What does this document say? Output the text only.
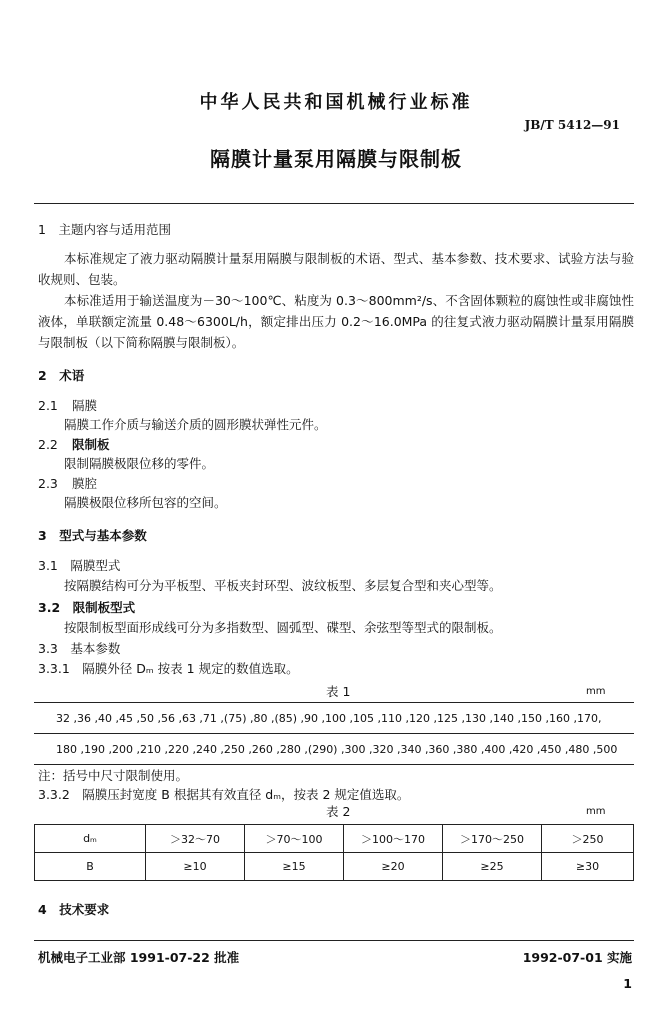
中华人民共和国机械行业标准
JB/T 5412—91
隔膜计量泵用隔膜与限制板
1　主题内容与适用范围
本标准规定了液力驱动隔膜计量泵用隔膜与限制板的术语、型式、基本参数、技术要求、试验方法与验收规则、包装。
本标准适用于输送温度为－30～100℃、粘度为 0.3～800mm²/s、不含固体颗粒的腐蚀性或非腐蚀性液体，单联额定流量 0.48～6300L/h，额定排出压力 0.2～16.0MPa 的往复式液力驱动隔膜计量泵用隔膜与限制板（以下简称隔膜与限制板）。
2　术语
2.1 隔膜
隔膜工作介质与输送介质的圆形膜状弹性元件。
2.2 限制板
限制隔膜极限位移的零件。
2.3 膜腔
隔膜极限位移所包容的空间。
3　型式与基本参数
3.1　隔膜型式
按隔膜结构可分为平板型、平板夹封环型、波纹板型、多层复合型和夹心型等。
3.2　限制板型式
按限制板型面形成线可分为多指数型、圆弧型、碟型、余弦型等型式的限制板。
3.3　基本参数
3.3.1　隔膜外径 Dₘ 按表 1 规定的数值选取。
表 1	mm
32 ,36 ,40 ,45 ,50 ,56 ,63 ,71 ,(75) ,80 ,(85) ,90 ,100 ,105 ,110 ,120 ,125 ,130 ,140 ,150 ,160 ,170,
180 ,190 ,200 ,210 ,220 ,240 ,250 ,260 ,280 ,(290) ,300 ,320 ,340 ,360 ,380 ,400 ,420 ,450 ,480 ,500
注：括号中尺寸限制使用。
3.3.2　隔膜压封宽度 B 根据其有效直径 dₘ，按表 2 规定值选取。
表 2	mm
dₘ	＞32～70	＞70～100	＞100～170	＞170～250	＞250
B	≥10	≥15	≥20	≥25	≥30
4　技术要求
机械电子工业部 1991-07-22 批准	1992-07-01 实施
1
